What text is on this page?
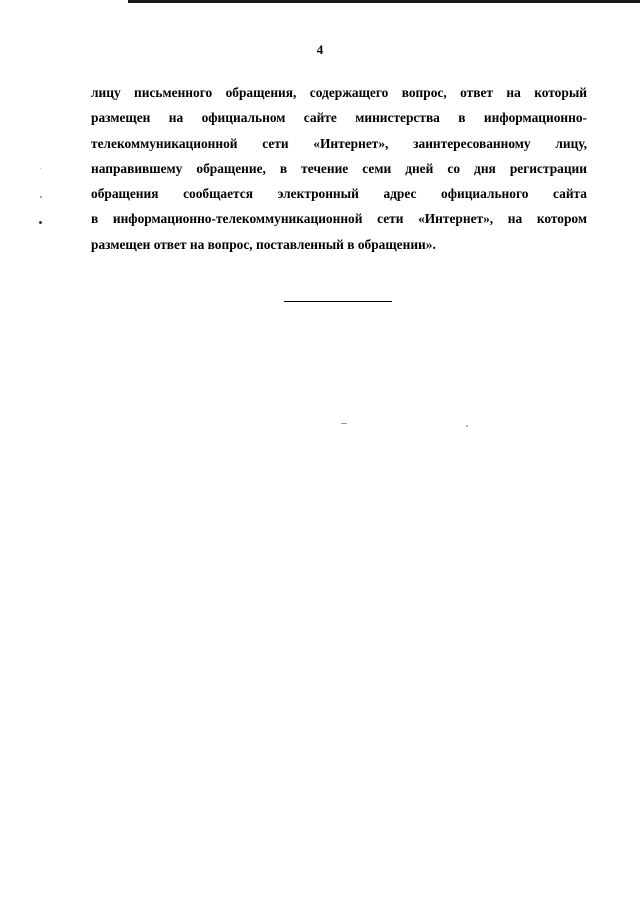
4
лицу письменного обращения, содержащего вопрос, ответ на который
размещен на официальном сайте министерства в информационно-
телекоммуникационной сети «Интернет», заинтересованному лицу,
направившему обращение, в течение семи дней со дня регистрации
обращения сообщается электронный адрес официального сайта
в информационно-телекоммуникационной сети «Интернет», на котором
размещен ответ на вопрос, поставленный в обращении».
